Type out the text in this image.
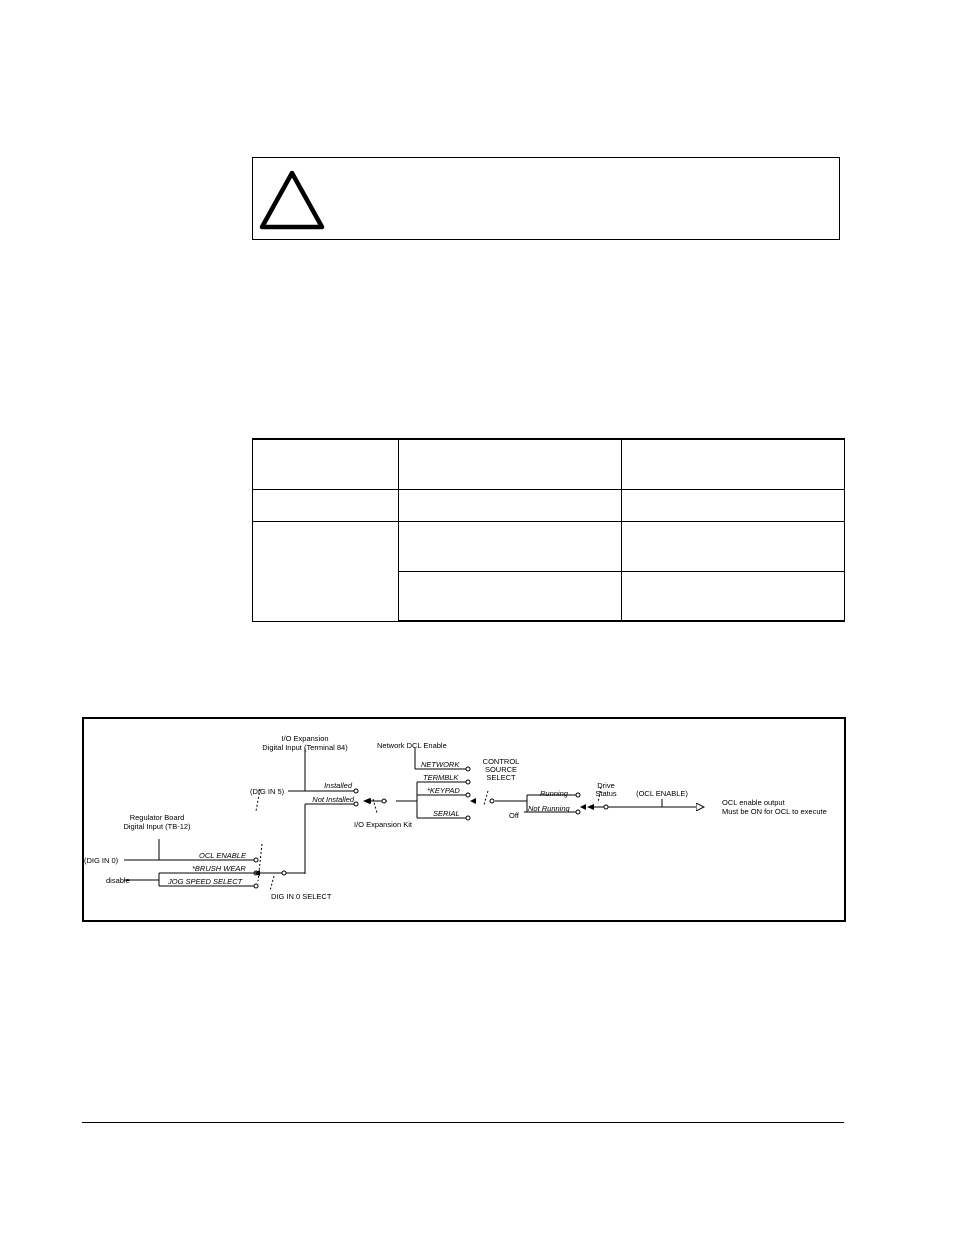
I/O Expansion
Digital Input (Terminal 84)
(DIG IN 5)
Installed
Not Installed
I/O Expansion Kit
Network DCL Enable
NETWORK
TERMBLK
*KEYPAD
SERIAL
CONTROL
SOURCE
SELECT
Running
Not Running
Off
Drive
Status	(OCL ENABLE)
OCL enable output
Must be ON for OCL to execute
Regulator Board
Digital Input (TB-12)
(DIG IN 0)
OCL ENABLE
*BRUSH WEAR
JOG SPEED SELECT
disable
DIG IN 0 SELECT
